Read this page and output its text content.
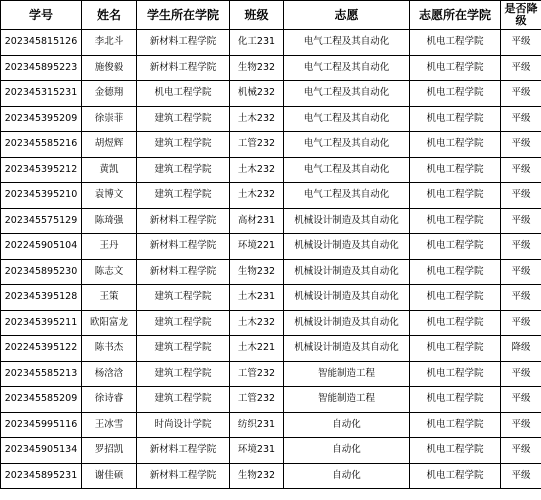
学号	姓名	学生所在学院	班级	志愿	志愿所在学院	是否降级
202345815126	李北斗	新材料工程学院	化工231	电气工程及其自动化	机电工程学院	平级
202345895223	施俊毅	新材料工程学院	生物232	电气工程及其自动化	机电工程学院	平级
202345315231	金德翔	机电工程学院	机械232	电气工程及其自动化	机电工程学院	平级
202345395209	徐崇菲	建筑工程学院	土木232	电气工程及其自动化	机电工程学院	平级
202345585216	胡煜辉	建筑工程学院	工管232	电气工程及其自动化	机电工程学院	平级
202345395212	黄凯	建筑工程学院	土木232	电气工程及其自动化	机电工程学院	平级
202345395210	袁博文	建筑工程学院	土木232	电气工程及其自动化	机电工程学院	平级
202345575129	陈琦强	新材料工程学院	高材231	机械设计制造及其自动化	机电工程学院	平级
202245905104	王丹	新材料工程学院	环境221	机械设计制造及其自动化	机电工程学院	平级
202345895230	陈志文	新材料工程学院	生物232	机械设计制造及其自动化	机电工程学院	平级
202345395128	王策	建筑工程学院	土木231	机械设计制造及其自动化	机电工程学院	平级
202345395211	欧阳富龙	建筑工程学院	土木232	机械设计制造及其自动化	机电工程学院	平级
202245395122	陈书杰	建筑工程学院	土木221	机械设计制造及其自动化	机电工程学院	降级
202345585213	杨浛浛	建筑工程学院	工管232	智能制造工程	机电工程学院	平级
202345585209	徐诗睿	建筑工程学院	工管232	智能制造工程	机电工程学院	平级
202345995116	王冰雪	时尚设计学院	纺织231	自动化	机电工程学院	平级
202345905134	罗招凯	新材料工程学院	环境231	自动化	机电工程学院	平级
202345895231	谢佳硕	新材料工程学院	生物232	自动化	机电工程学院	平级
